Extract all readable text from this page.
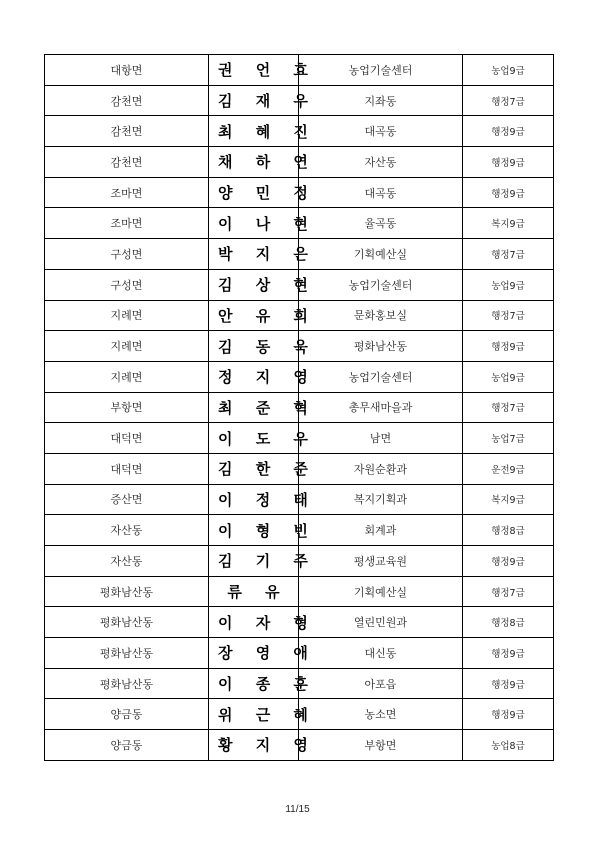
대항면	권 언 효	농업기술센터	농업9급
감천면	김 재 우	지좌동	행정7급
감천면	최 혜 진	대곡동	행정9급
감천면	채 하 연	자산동	행정9급
조마면	양 민 정	대곡동	행정9급
조마면	이 나 현	율곡동	복지9급
구성면	박 지 은	기획예산실	행정7급
구성면	김 상 현	농업기술센터	농업9급
지례면	안 유 희	문화홍보실	행정7급
지례면	김 동 욱	평화남산동	행정9급
지례면	정 지 영	농업기술센터	농업9급
부항면	최 준 혁	총무새마을과	행정7급
대덕면	이 도 우	남면	농업7급
대덕면	김 한 준	자원순환과	운전9급
증산면	이 정 태	복지기획과	복지9급
자산동	이 형 빈	회계과	행정8급
자산동	김 기 주	평생교육원	행정9급
평화남산동	류 유	기획예산실	행정7급
평화남산동	이 자 형	열린민원과	행정8급
평화남산동	장 영 애	대신동	행정9급
평화남산동	이 종 훈	아포읍	행정9급
양금동	위 근 혜	농소면	행정9급
양금동	황 지 영	부항면	농업8급
11/15
